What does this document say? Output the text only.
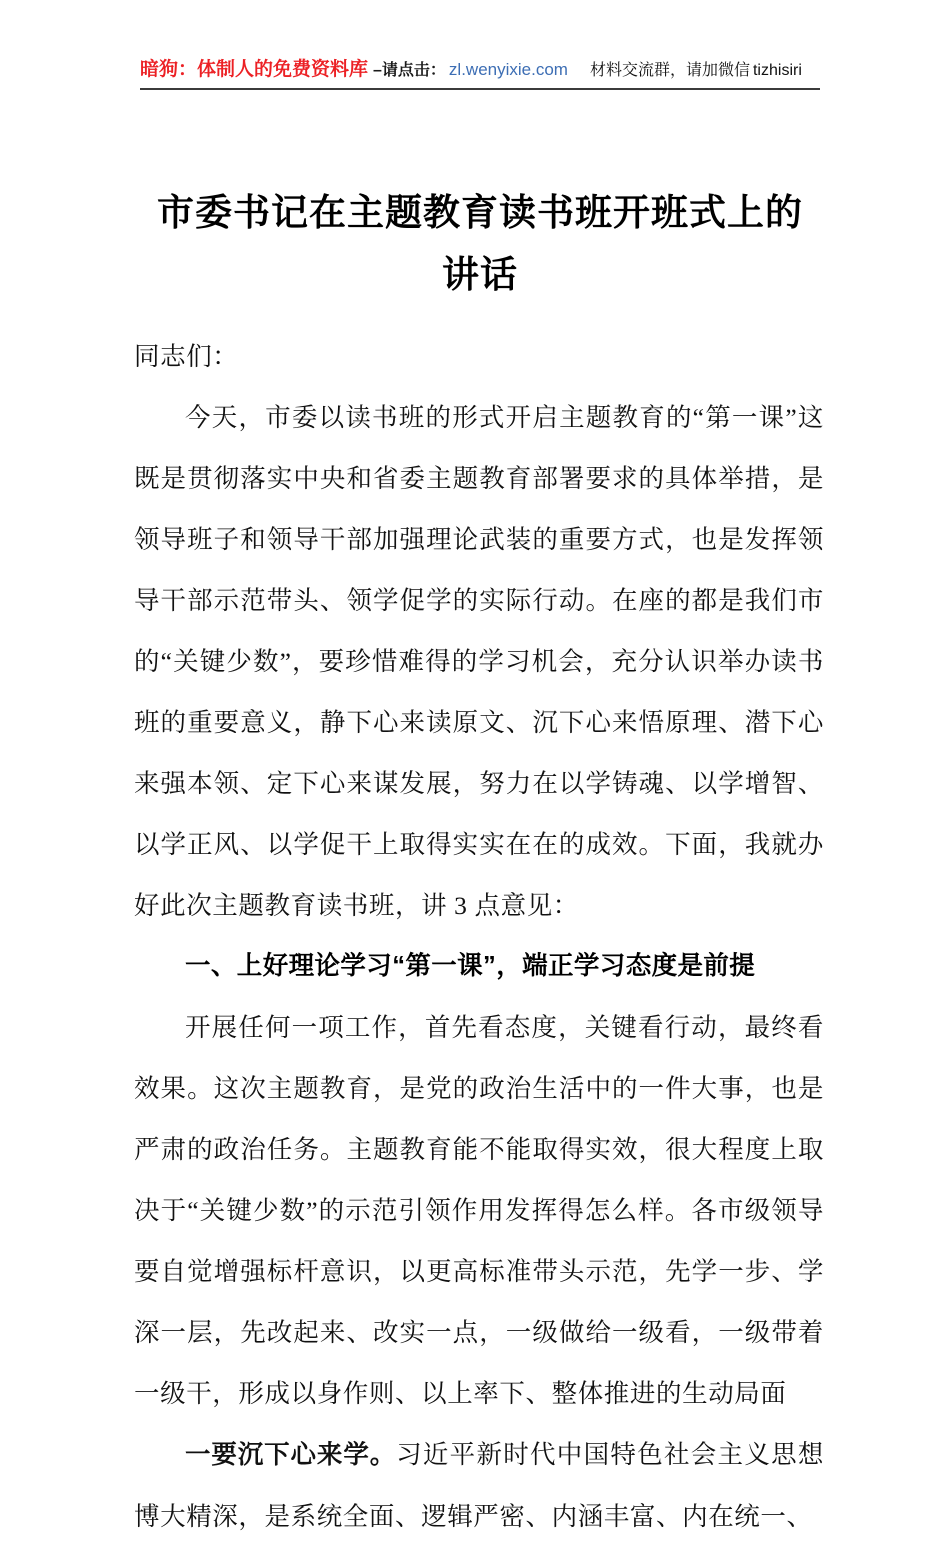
暗狗：体制人的免费资料库 –请点击： zl.wenyixie.com 材料交流群，请加微信 tizhisiri
市委书记在主题教育读书班开班式上的讲话

同志们：

今天，市委以读书班的形式开启主题教育的“第一课”这既是贯彻落实中央和省委主题教育部署要求的具体举措，是领导班子和领导干部加强理论武装的重要方式，也是发挥领导干部示范带头、领学促学的实际行动。在座的都是我们市的“关键少数”，要珍惜难得的学习机会，充分认识举办读书班的重要意义，静下心来读原文、沉下心来悟原理、潜下心来强本领、定下心来谋发展，努力在以学铸魂、以学增智、以学正风、以学促干上取得实实在在的成效。下面，我就办好此次主题教育读书班，讲 3 点意见：

一、上好理论学习“第一课”，端正学习态度是前提

开展任何一项工作，首先看态度，关键看行动，最终看效果。这次主题教育，是党的政治生活中的一件大事，也是严肃的政治任务。主题教育能不能取得实效，很大程度上取决于“关键少数”的示范引领作用发挥得怎么样。各市级领导要自觉增强标杆意识，以更高标准带头示范，先学一步、学深一层，先改起来、改实一点，一级做给一级看，一级带着一级干，形成以身作则、以上率下、整体推进的生动局面

一要沉下心来学。习近平新时代中国特色社会主义思想博大精深，是系统全面、逻辑严密、内涵丰富、内在统一、
